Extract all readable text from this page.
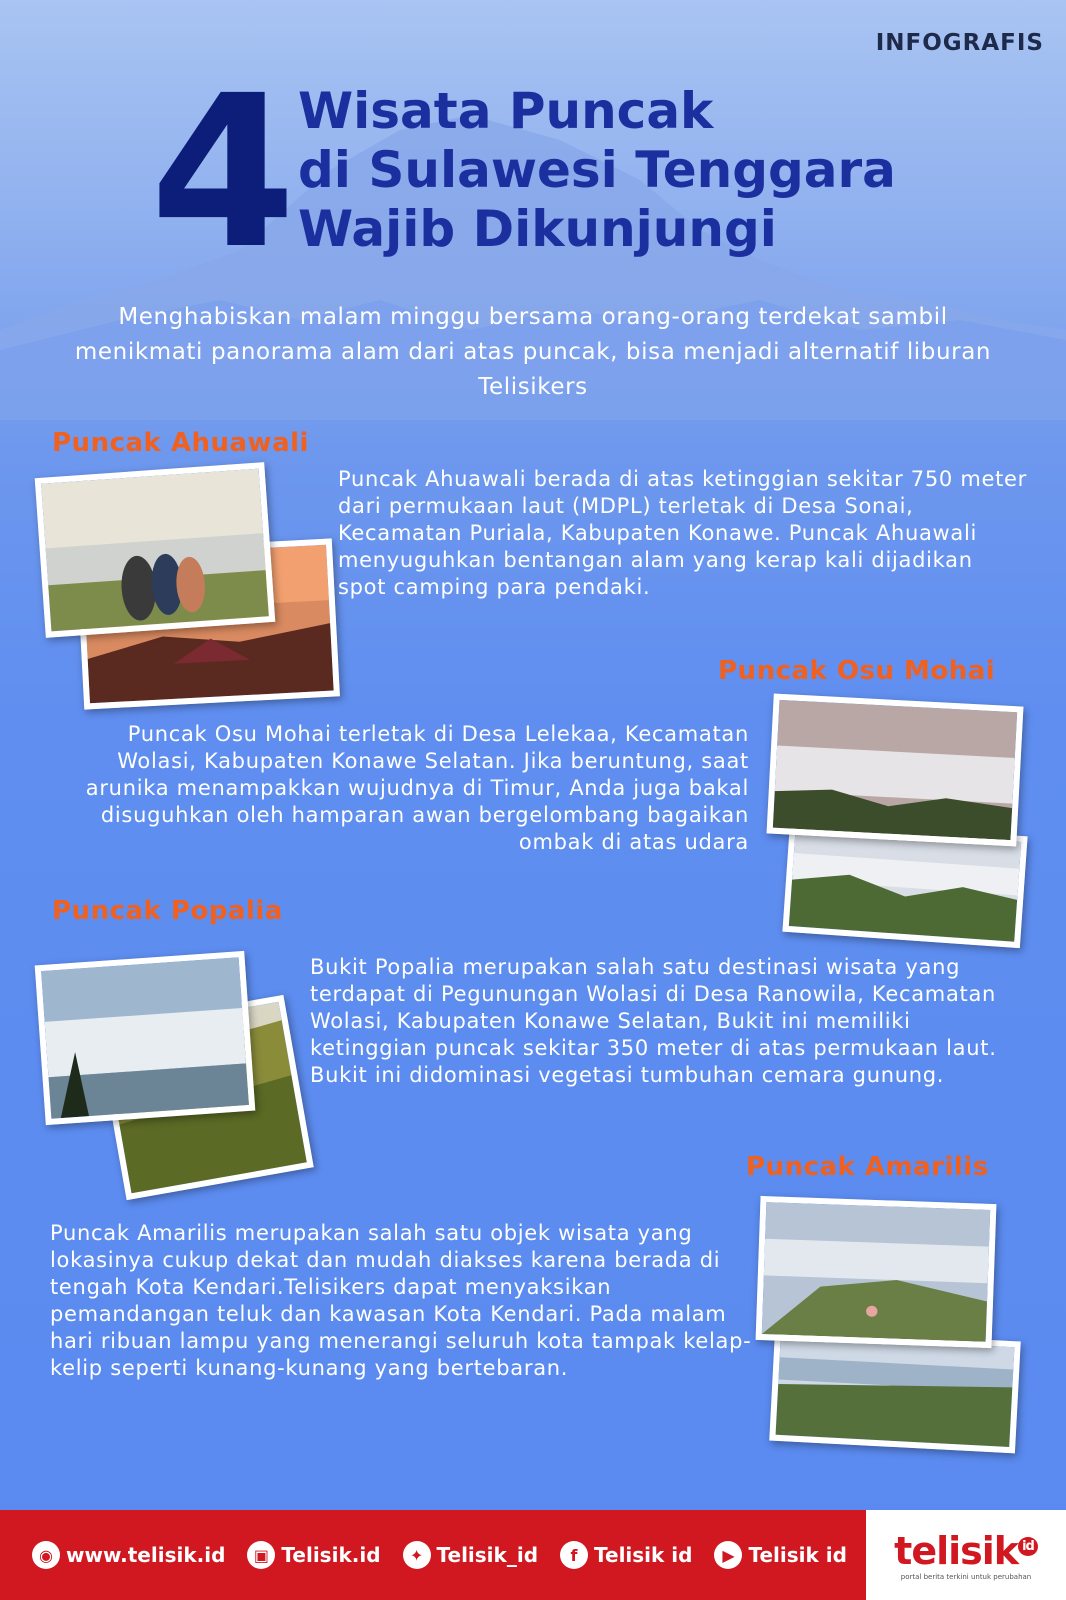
INFOGRAFIS
4 Wisata Puncak
di Sulawesi Tenggara
Wajib Dikunjungi
Menghabiskan malam minggu bersama orang-orang terdekat sambil menikmati panorama alam dari atas puncak, bisa menjadi alternatif liburan Telisikers
Puncak Ahuawali
Puncak Ahuawali berada di atas ketinggian sekitar 750 meter dari permukaan laut (MDPL) terletak di Desa Sonai, Kecamatan Puriala, Kabupaten Konawe. Puncak Ahuawali menyuguhkan bentangan alam yang kerap kali dijadikan spot camping para pendaki.
Puncak Osu Mohai
Puncak Osu Mohai terletak di Desa Lelekaa, Kecamatan Wolasi, Kabupaten Konawe Selatan. Jika beruntung, saat arunika menampakkan wujudnya di Timur, Anda juga bakal disuguhkan oleh hamparan awan bergelombang bagaikan ombak di atas udara
Puncak Popalia
Bukit Popalia merupakan salah satu destinasi wisata yang terdapat di Pegunungan Wolasi di Desa Ranowila, Kecamatan Wolasi, Kabupaten Konawe Selatan, Bukit ini memiliki ketinggian puncak sekitar 350 meter di atas permukaan laut. Bukit ini didominasi vegetasi tumbuhan cemara gunung.
Puncak Amarilis
Puncak Amarilis merupakan salah satu objek wisata yang lokasinya cukup dekat dan mudah diakses karena berada di tengah Kota Kendari.Telisikers dapat menyaksikan pemandangan teluk dan kawasan Kota Kendari. Pada malam hari ribuan lampu yang menerangi seluruh kota tampak kelap-kelip seperti kunang-kunang yang bertebaran.
◉ www.telisik.id	▣ Telisik.id	✦ Telisik_id	f Telisik id	▶ Telisik id telisik $^{id}$
portal berita terkini untuk perubahan
